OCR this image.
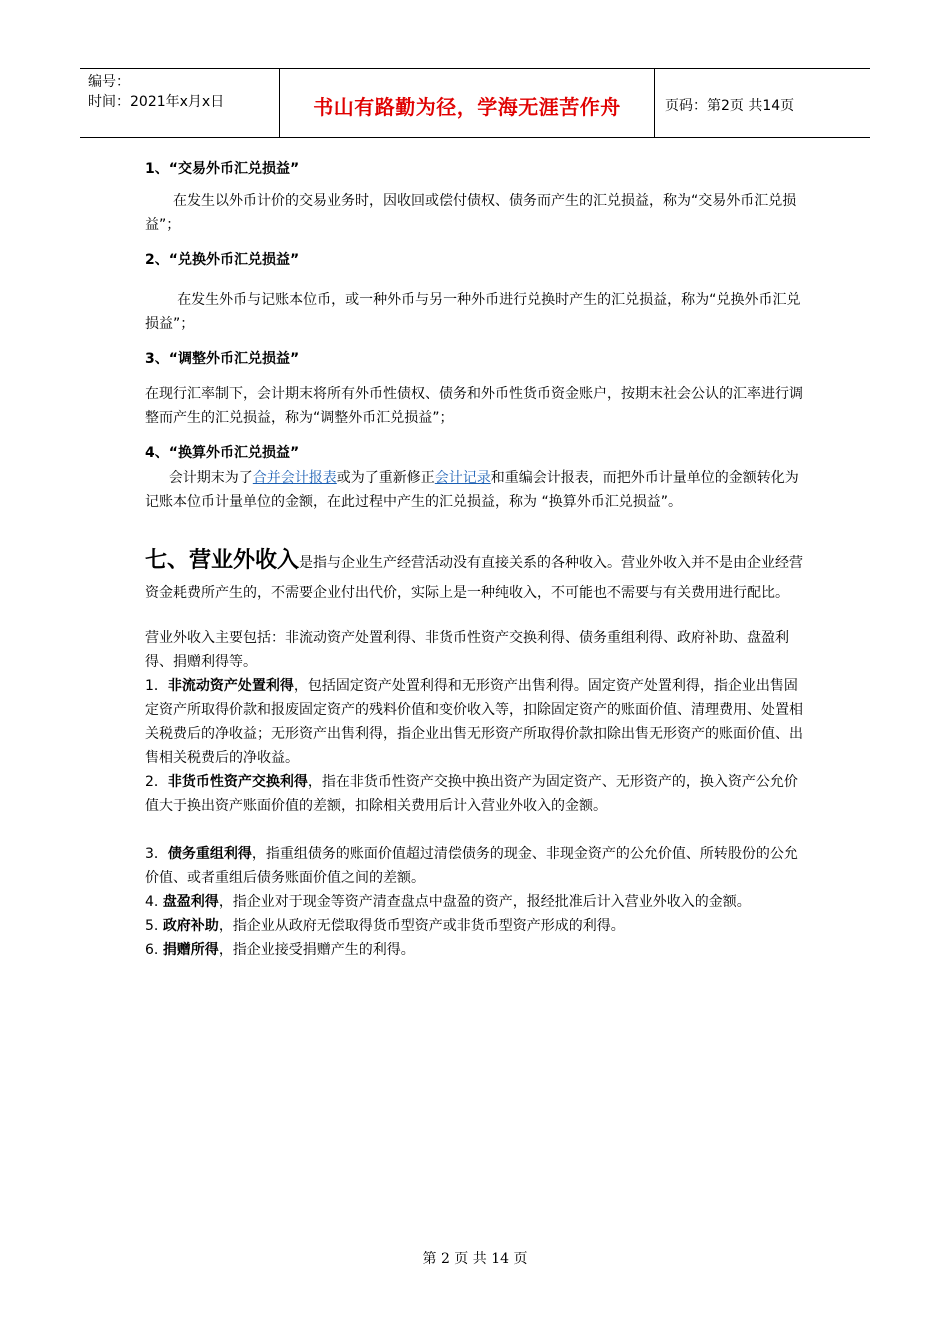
编号：
时间：2021年x月x日	书山有路勤为径，学海无涯苦作舟	页码：第2页 共14页

1、“交易外币汇兑损益”

在发生以外币计价的交易业务时，因收回或偿付债权、债务而产生的汇兑损益，称为“交易外币汇兑损益”；

2、“兑换外币汇兑损益”

在发生外币与记账本位币，或一种外币与另一种外币进行兑换时产生的汇兑损益，称为“兑换外币汇兑损益”；

3、“调整外币汇兑损益”

在现行汇率制下，会计期末将所有外币性债权、债务和外币性货币资金账户，按期末社会公认的汇率进行调整而产生的汇兑损益，称为“调整外币汇兑损益”；

4、“换算外币汇兑损益”

会计期末为了合并会计报表或为了重新修正会计记录和重编会计报表，而把外币计量单位的金额转化为记账本位币计量单位的金额，在此过程中产生的汇兑损益，称为 “换算外币汇兑损益”。

七、营业外收入是指与企业生产经营活动没有直接关系的各种收入。营业外收入并不是由企业经营资金耗费所产生的，不需要企业付出代价，实际上是一种纯收入，不可能也不需要与有关费用进行配比。

营业外收入主要包括：非流动资产处置利得、非货币性资产交换利得、债务重组利得、政府补助、盘盈利得、捐赠利得等。

1．非流动资产处置利得，包括固定资产处置利得和无形资产出售利得。固定资产处置利得，指企业出售固定资产所取得价款和报废固定资产的残料价值和变价收入等，扣除固定资产的账面价值、清理费用、处置相关税费后的净收益；无形资产出售利得，指企业出售无形资产所取得价款扣除出售无形资产的账面价值、出售相关税费后的净收益。

2．非货币性资产交换利得，指在非货币性资产交换中换出资产为固定资产、无形资产的，换入资产公允价值大于换出资产账面价值的差额，扣除相关费用后计入营业外收入的金额。

3．债务重组利得，指重组债务的账面价值超过清偿债务的现金、非现金资产的公允价值、所转股份的公允价值、或者重组后债务账面价值之间的差额。

4. 盘盈利得，指企业对于现金等资产清查盘点中盘盈的资产，报经批准后计入营业外收入的金额。

5. 政府补助，指企业从政府无偿取得货币型资产或非货币型资产形成的利得。

6. 捐赠所得，指企业接受捐赠产生的利得。

第 2 页 共 14 页
